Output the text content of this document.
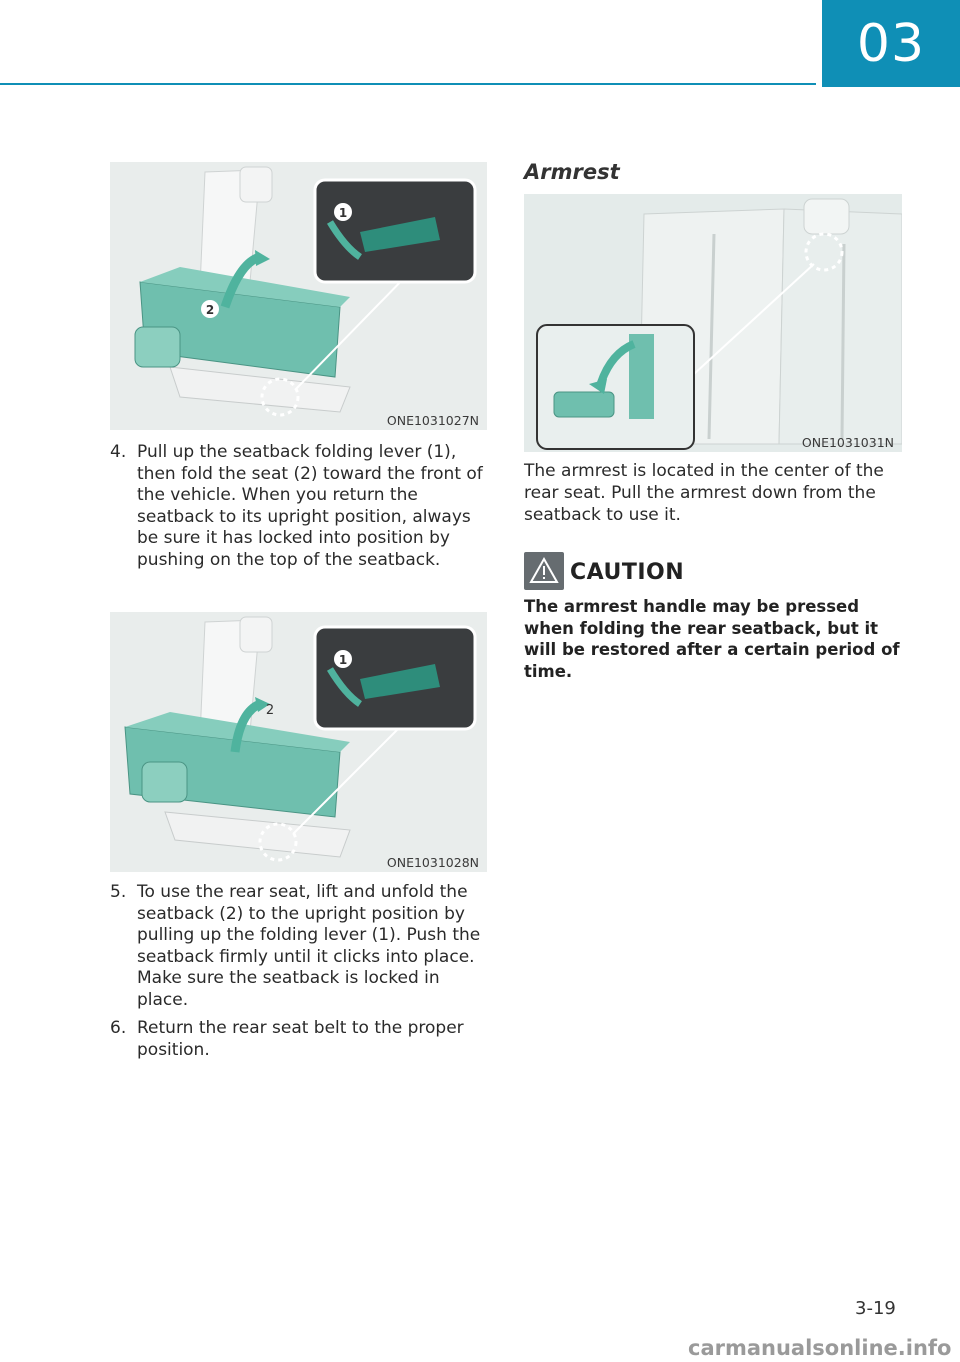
03
1
2
ONE1031027N
4. Pull up the seatback folding lever (1), then fold the seat (2) toward the front of the vehicle. When you return the seatback to its upright position, always be sure it has locked into position by pushing on the top of the seatback.
1
2
ONE1031028N
5. To use the rear seat, lift and unfold the seatback (2) to the upright position by pulling up the folding lever (1). Push the seatback firmly until it clicks into place. Make sure the seatback is locked in place.
6. Return the rear seat belt to the proper position.
Armrest
ONE1031031N
The armrest is located in the center of the rear seat. Pull the armrest down from the seatback to use it.
CAUTION
The armrest handle may be pressed when folding the rear seatback, but it will be restored after a certain period of time.
3-19
carmanualsonline.info
